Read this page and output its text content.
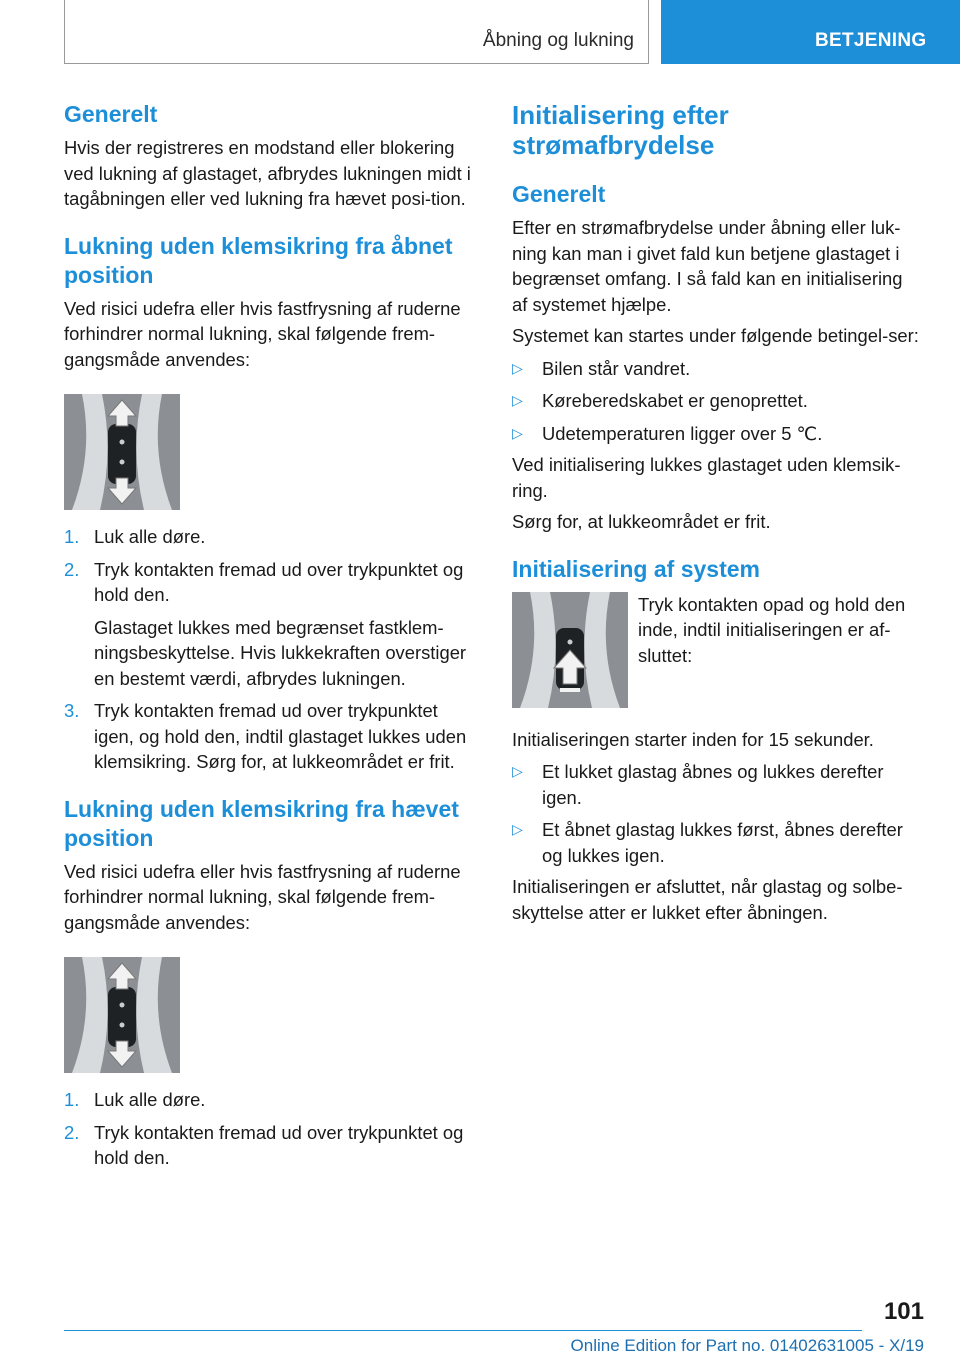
Åbning og lukning	BETJENING
Generelt

Hvis der registreres en modstand eller blokering ved lukning af glastaget, afbrydes lukningen midt i tagåbningen eller ved lukning fra hævet posi-tion.

Lukning uden klemsikring fra åbnet position

Ved risici udefra eller hvis fastfrysning af ruderne forhindrer normal lukning, skal følgende frem-gangsmåde anvendes:

1. Luk alle døre.
2. Tryk kontakten fremad ud over trykpunktet og hold den.
Glastaget lukkes med begrænset fastklem-ningsbeskyttelse. Hvis lukkekraften overstiger en bestemt værdi, afbrydes lukningen.
3. Tryk kontakten fremad ud over trykpunktet igen, og hold den, indtil glastaget lukkes uden klemsikring. Sørg for, at lukkeområdet er frit.
Lukning uden klemsikring fra hævet position

Ved risici udefra eller hvis fastfrysning af ruderne forhindrer normal lukning, skal følgende frem-gangsmåde anvendes:

1. Luk alle døre.
2. Tryk kontakten fremad ud over trykpunktet og hold den.
Initialisering efter strømafbrydelse
Generelt

Efter en strømafbrydelse under åbning eller luk-ning kan man i givet fald kun betjene glastaget i begrænset omfang. I så fald kan en initialisering af systemet hjælpe.

Systemet kan startes under følgende betingel-ser:

▷ Bilen står vandret.
▷ Køreberedskabet er genoprettet.
▷ Udetemperaturen ligger over 5 ℃.

Ved initialisering lukkes glastaget uden klemsik-ring.

Sørg for, at lukkeområdet er frit.

Initialisering af system

Tryk kontakten opad og hold den inde, indtil initialiseringen er af-sluttet:

Initialiseringen starter inden for 15 sekunder.

▷ Et lukket glastag åbnes og lukkes derefter igen.
▷ Et åbnet glastag lukkes først, åbnes derefter og lukkes igen.

Initialiseringen er afsluttet, når glastag og solbe-skyttelse atter er lukket efter åbningen.

101
Online Edition for Part no. 01402631005 - X/19
